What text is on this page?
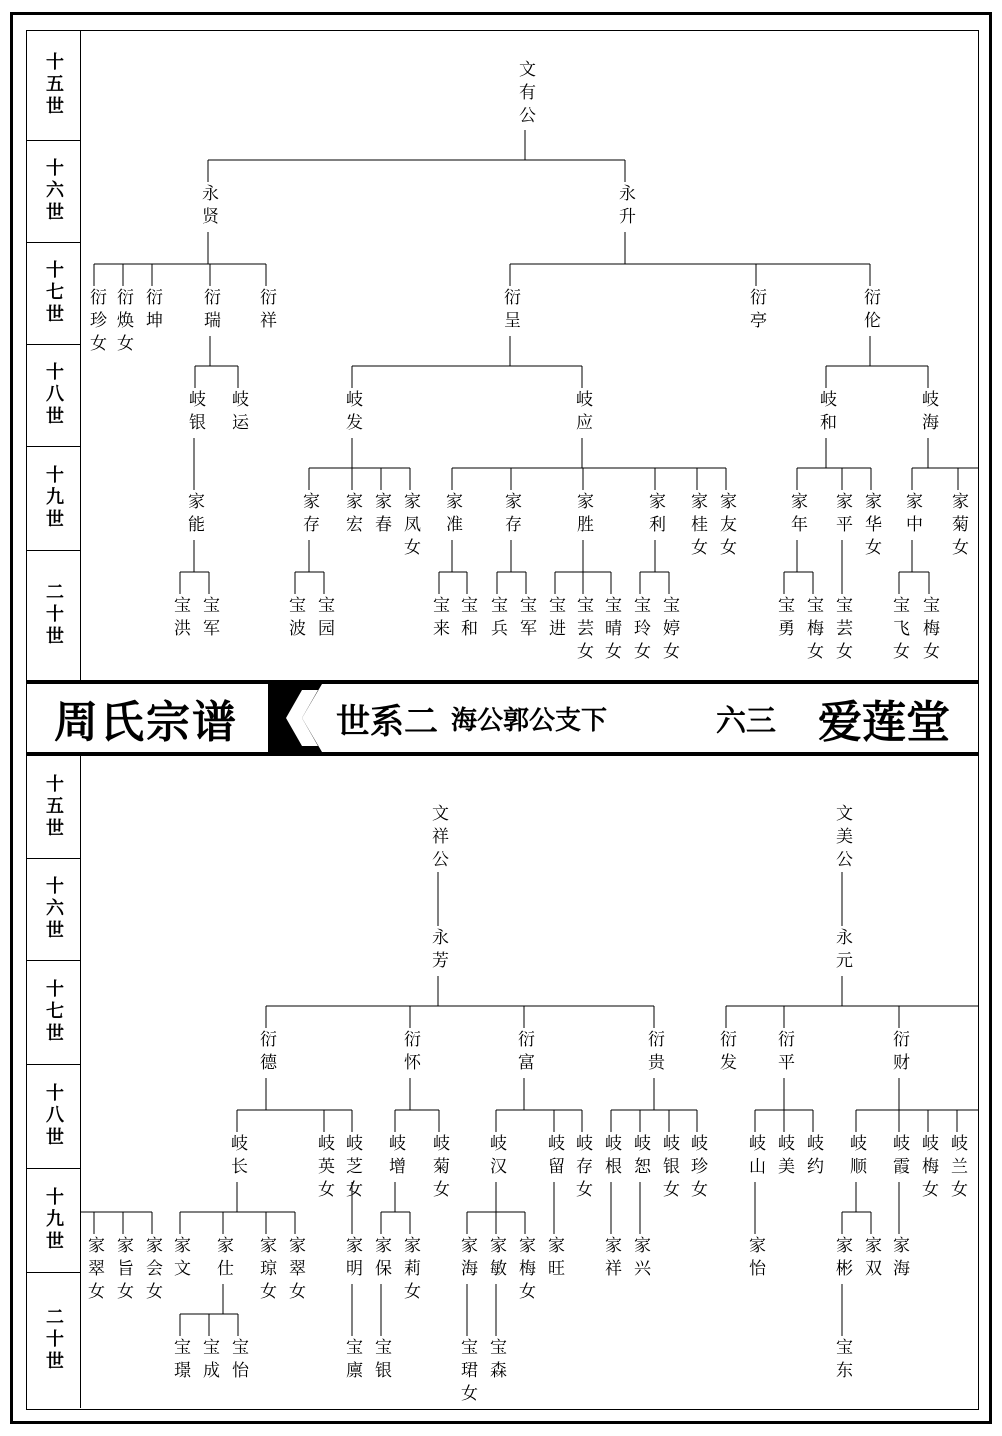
十五世
十六世
十七世
十八世
十九世
二十世
十五世
十六世
十七世
十八世
十九世
二十世
周氏宗谱	世系二 海公郭公支下	六三 爱莲堂
文有公
永贤	永升
衍珍女 衍焕女 衍坤 衍瑞 衍祥	衍呈	衍亭	衍伦
岐银 岐运	岐发	岐应	岐和	岐海
家能	家存 家宏 家春 家凤女 家准 家存	家胜	家利 家桂女 家友女	家年 家平 家华女 家中 家菊女
宝洪 宝军	宝波 宝园	宝来 宝和 宝兵 宝军 宝进 宝芸女 宝晴女 宝玲女 宝婷女	宝勇 宝梅女 宝芸女 宝飞女 宝梅女
文祥公	文美公
永芳	永元
衍德	衍怀	衍富	衍贵	衍发 衍平	衍财
岐长	岐英女 岐芝女 岐增 岐菊女 岐汉 岐留 岐存女 岐根 岐恕 岐银女 岐珍女 岐山 岐美 岐约 岐顺 岐霞 岐梅女 岐兰女
家翠女 家旨女 家会女 家文 家仕 家琼女 家翠女 家明 家保 家莉女 家海 家敏 家梅女 家旺 家祥 家兴	家怡	家彬 家双 家海
宝璟 宝成 宝怡	宝廪 宝银	宝珺女 宝森	宝东
